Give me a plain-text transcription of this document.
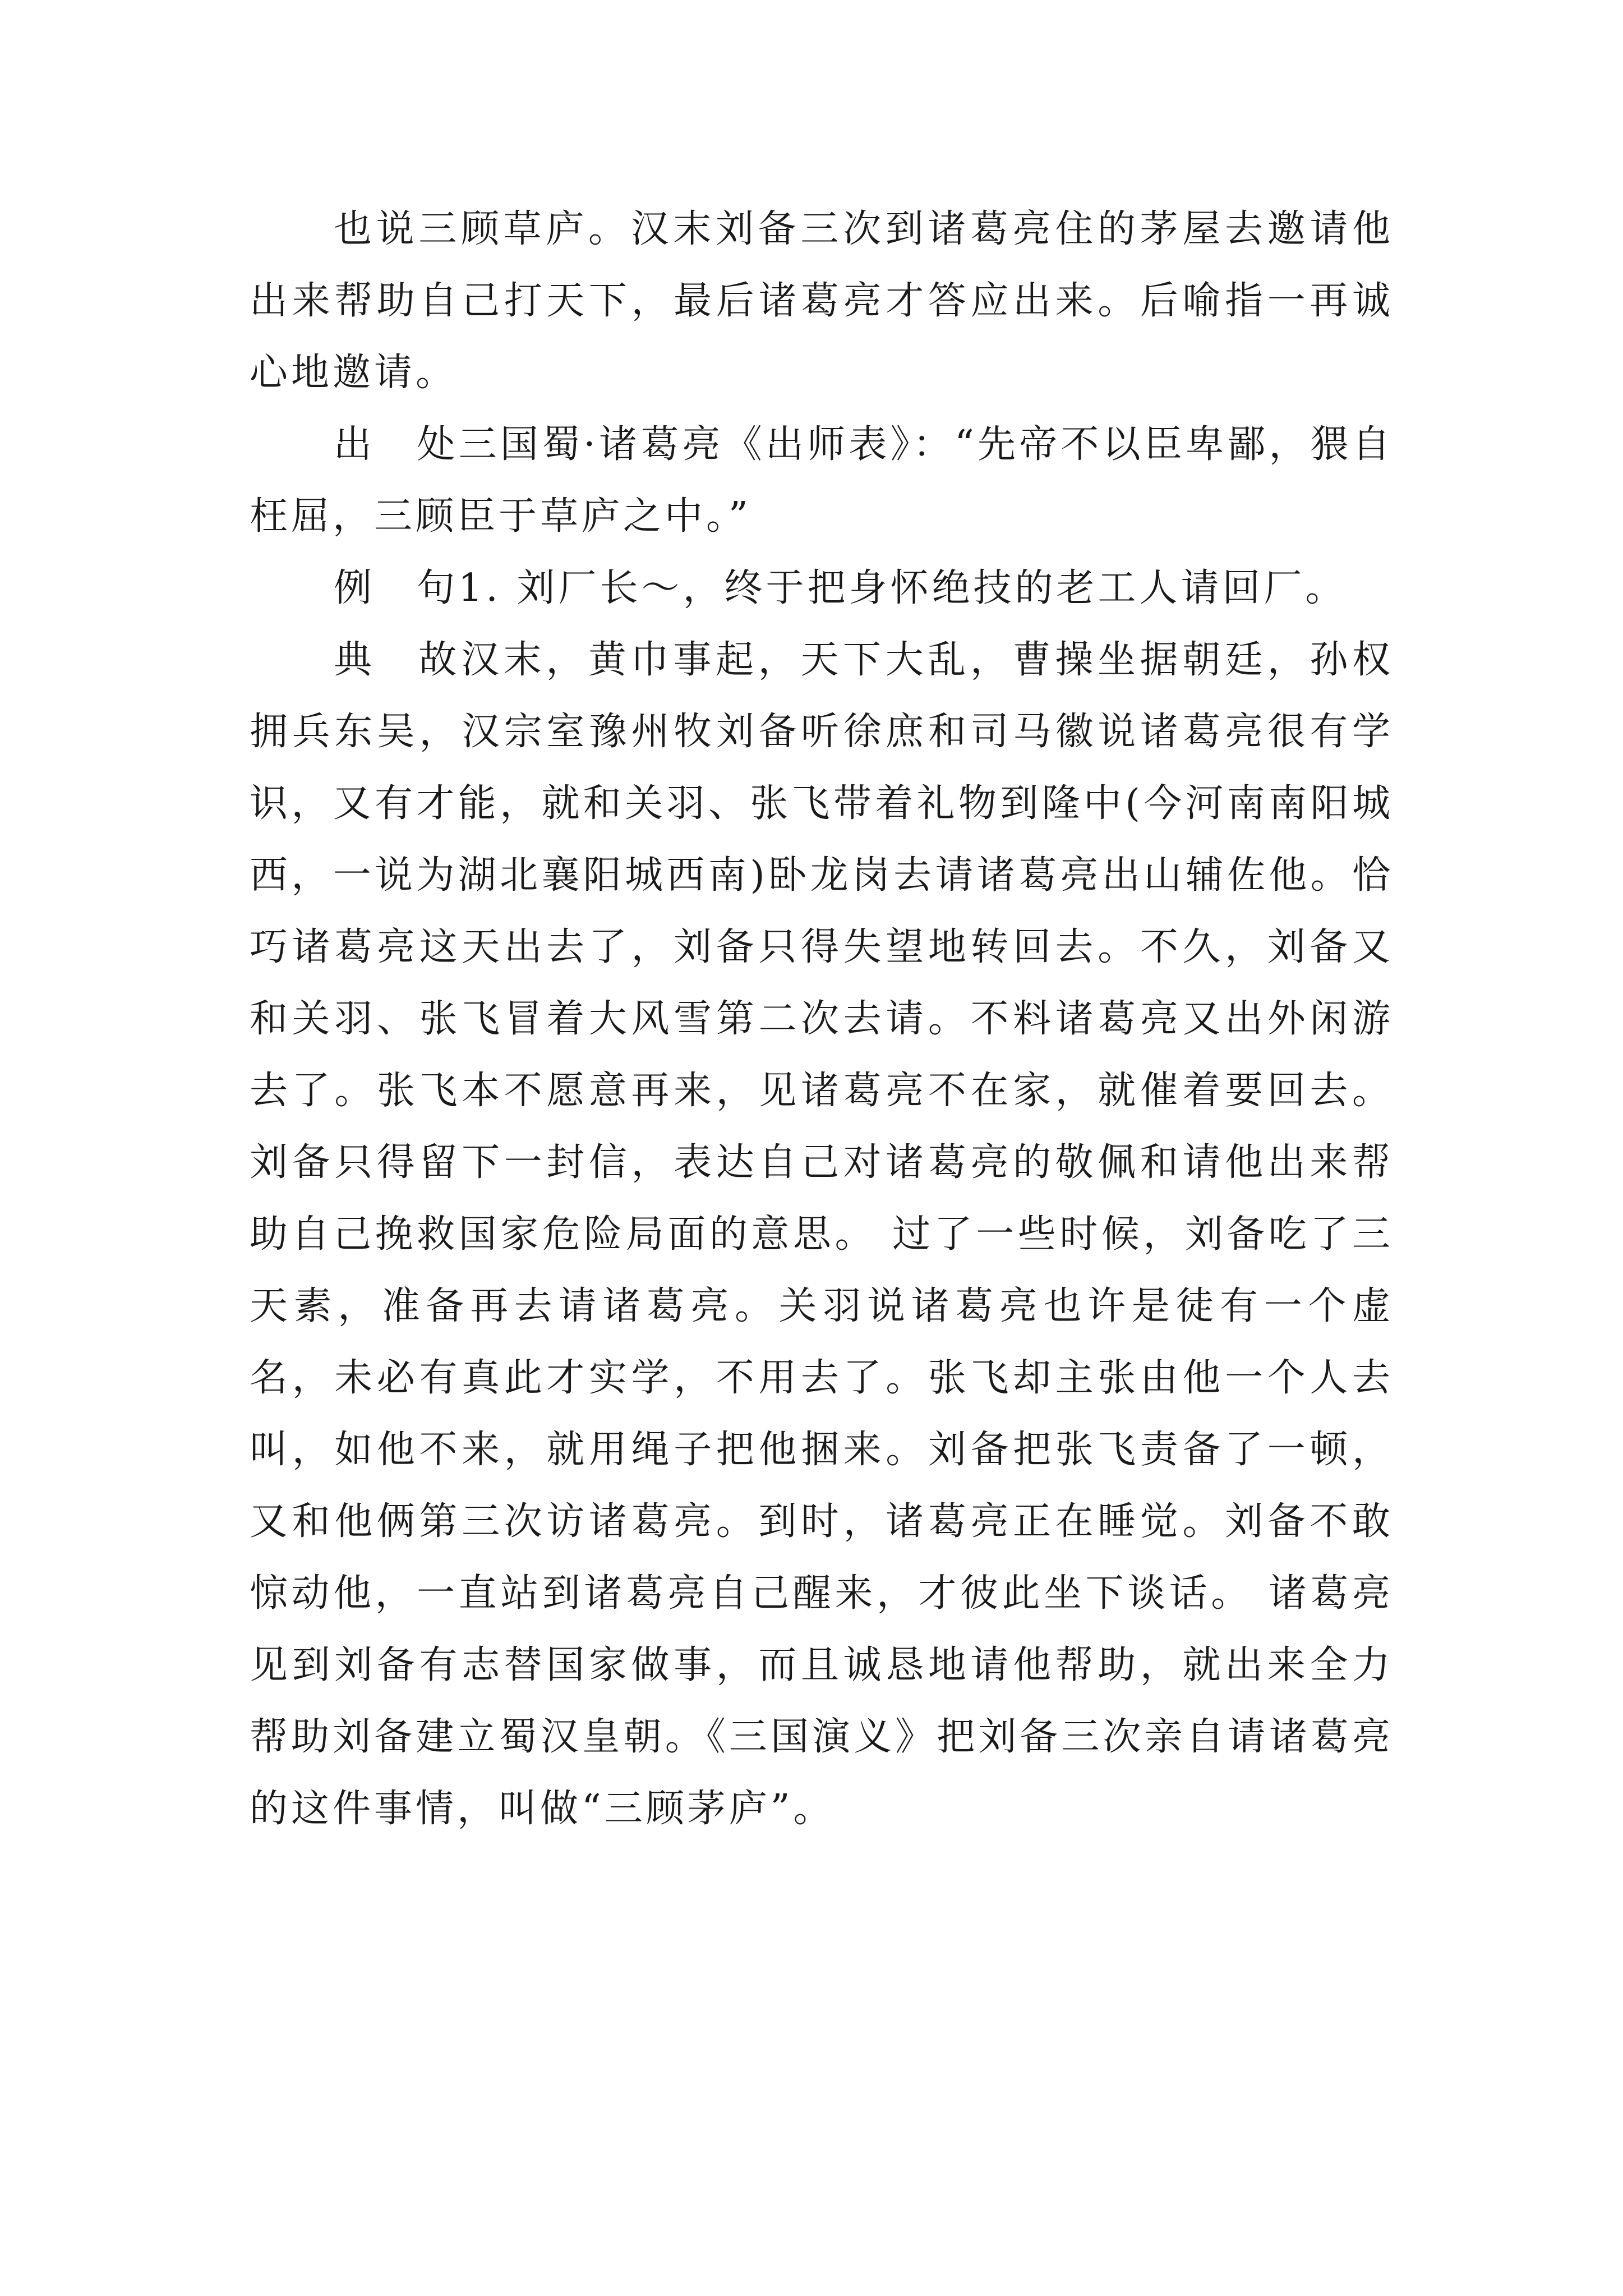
也说三顾草庐。汉末刘备三次到诸葛亮住的茅屋去邀请他出来帮助自己打天下，最后诸葛亮才答应出来。后喻指一再诚心地邀请。

出　处三国蜀·诸葛亮《出师表》：“先帝不以臣卑鄙，猥自枉屈，三顾臣于草庐之中。”

例　句1. 刘厂长～，终于把身怀绝技的老工人请回厂。

典　故汉末，黄巾事起，天下大乱，曹操坐据朝廷，孙权拥兵东吴，汉宗室豫州牧刘备听徐庶和司马徽说诸葛亮很有学识，又有才能，就和关羽、张飞带着礼物到隆中(今河南南阳城西，一说为湖北襄阳城西南)卧龙岗去请诸葛亮出山辅佐他。恰巧诸葛亮这天出去了，刘备只得失望地转回去。不久，刘备又和关羽、张飞冒着大风雪第二次去请。不料诸葛亮又出外闲游去了。张飞本不愿意再来，见诸葛亮不在家，就催着要回去。刘备只得留下一封信，表达自己对诸葛亮的敬佩和请他出来帮助自己挽救国家危险局面的意思。 过了一些时候，刘备吃了三天素，准备再去请诸葛亮。关羽说诸葛亮也许是徒有一个虚名，未必有真此才实学，不用去了。张飞却主张由他一个人去叫，如他不来，就用绳子把他捆来。刘备把张飞责备了一顿，又和他俩第三次访诸葛亮。到时，诸葛亮正在睡觉。刘备不敢惊动他，一直站到诸葛亮自己醒来，才彼此坐下谈话。 诸葛亮见到刘备有志替国家做事，而且诚恳地请他帮助，就出来全力帮助刘备建立蜀汉皇朝。《三国演义》把刘备三次亲自请诸葛亮的这件事情，叫做“三顾茅庐”。
